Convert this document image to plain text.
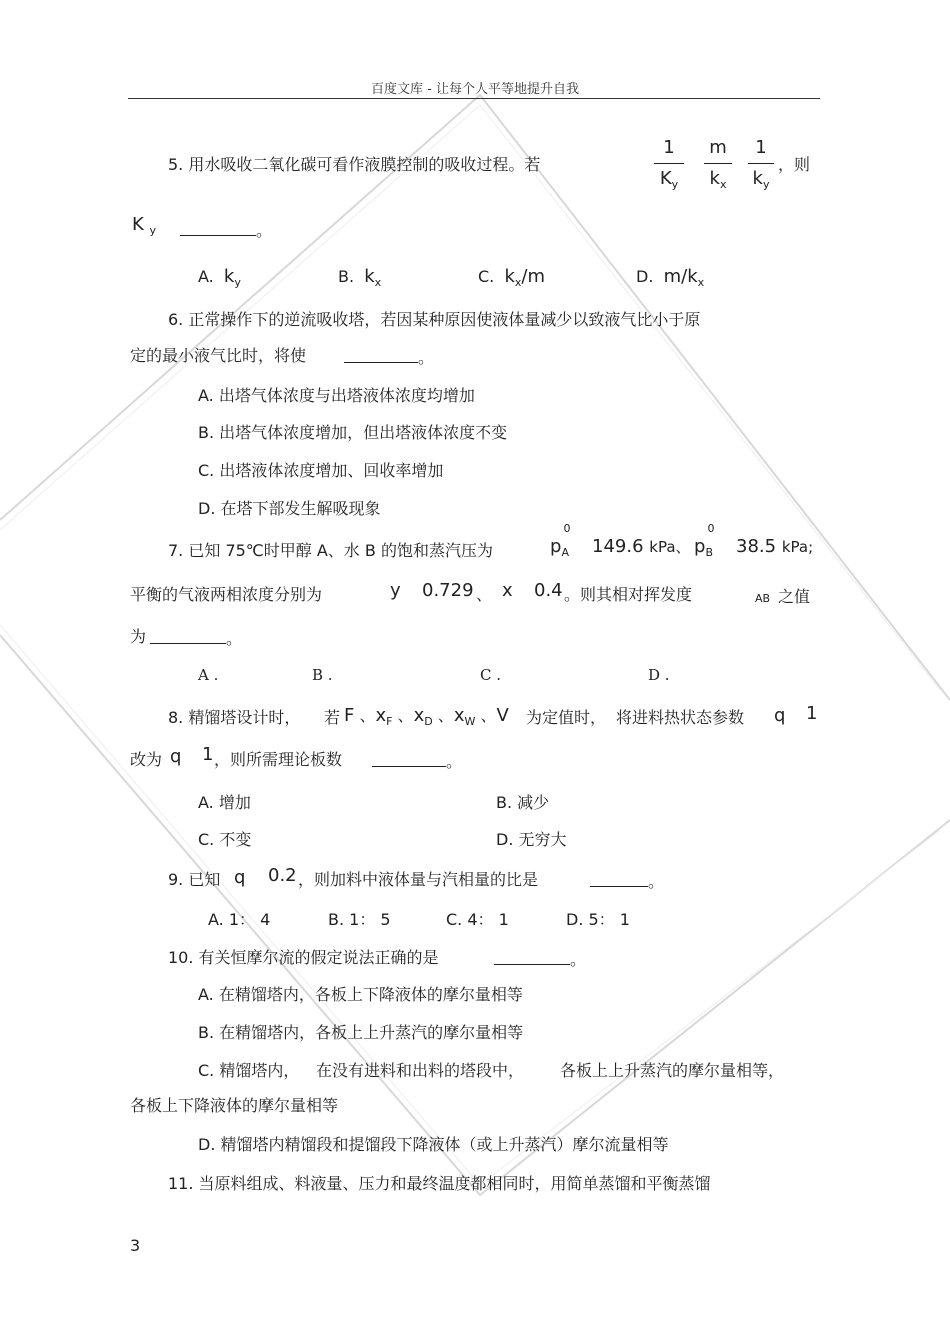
百度文库 - 让每个人平等地提升自我
5. 用水吸收二氧化碳可看作液膜控制的吸收过程。若
1
$K_y$
m
$k_x$
1
$k_y$
，则
K $_y$	。
A. $k_y$	B. $k_x$	C. $k_x/m$	D. $m/k_x$
6. 正常操作下的逆流吸收塔，若因某种原因使液体量减少以致液气比小于原
定的最小液气比时，将使	。
A. 出塔气体浓度与出塔液体浓度均增加
B. 出塔气体浓度增加，但出塔液体浓度不变
C. 出塔液体浓度增加、回收率增加
D. 在塔下部发生解吸现象
7. 已知 75℃时甲醇 A、水 B 的饱和蒸汽压为	p
0
$_A$ 149.6 kPa、 p
0
$_B$ 38.5 kPa;
平衡的气液两相浓度分别为	y 0.729 、 x 0.4 。则其相对挥发度	AB 之值
为	。
A .	B .	C .	D .
8. 精馏塔设计时， 若 F 、$x_F$ 、$x_D$ 、$x_W$ 、V 为定值时， 将进料热状态参数 q 1
改为 q 1 ，则所需理论板数	。
A. 增加	B. 减少
C. 不变	D. 无穷大
9. 已知 q 0.2 ，则加料中液体量与汽相量的比是	。
A. 1： 4	B. 1： 5	C. 4： 1	D. 5： 1
10. 有关恒摩尔流的假定说法正确的是	。
A. 在精馏塔内，各板上下降液体的摩尔量相等
B. 在精馏塔内，各板上上升蒸汽的摩尔量相等
C. 精馏塔内， 在没有进料和出料的塔段中， 各板上上升蒸汽的摩尔量相等，
各板上下降液体的摩尔量相等
D. 精馏塔内精馏段和提馏段下降液体（或上升蒸汽）摩尔流量相等
11. 当原料组成、料液量、压力和最终温度都相同时，用简单蒸馏和平衡蒸馏
3
